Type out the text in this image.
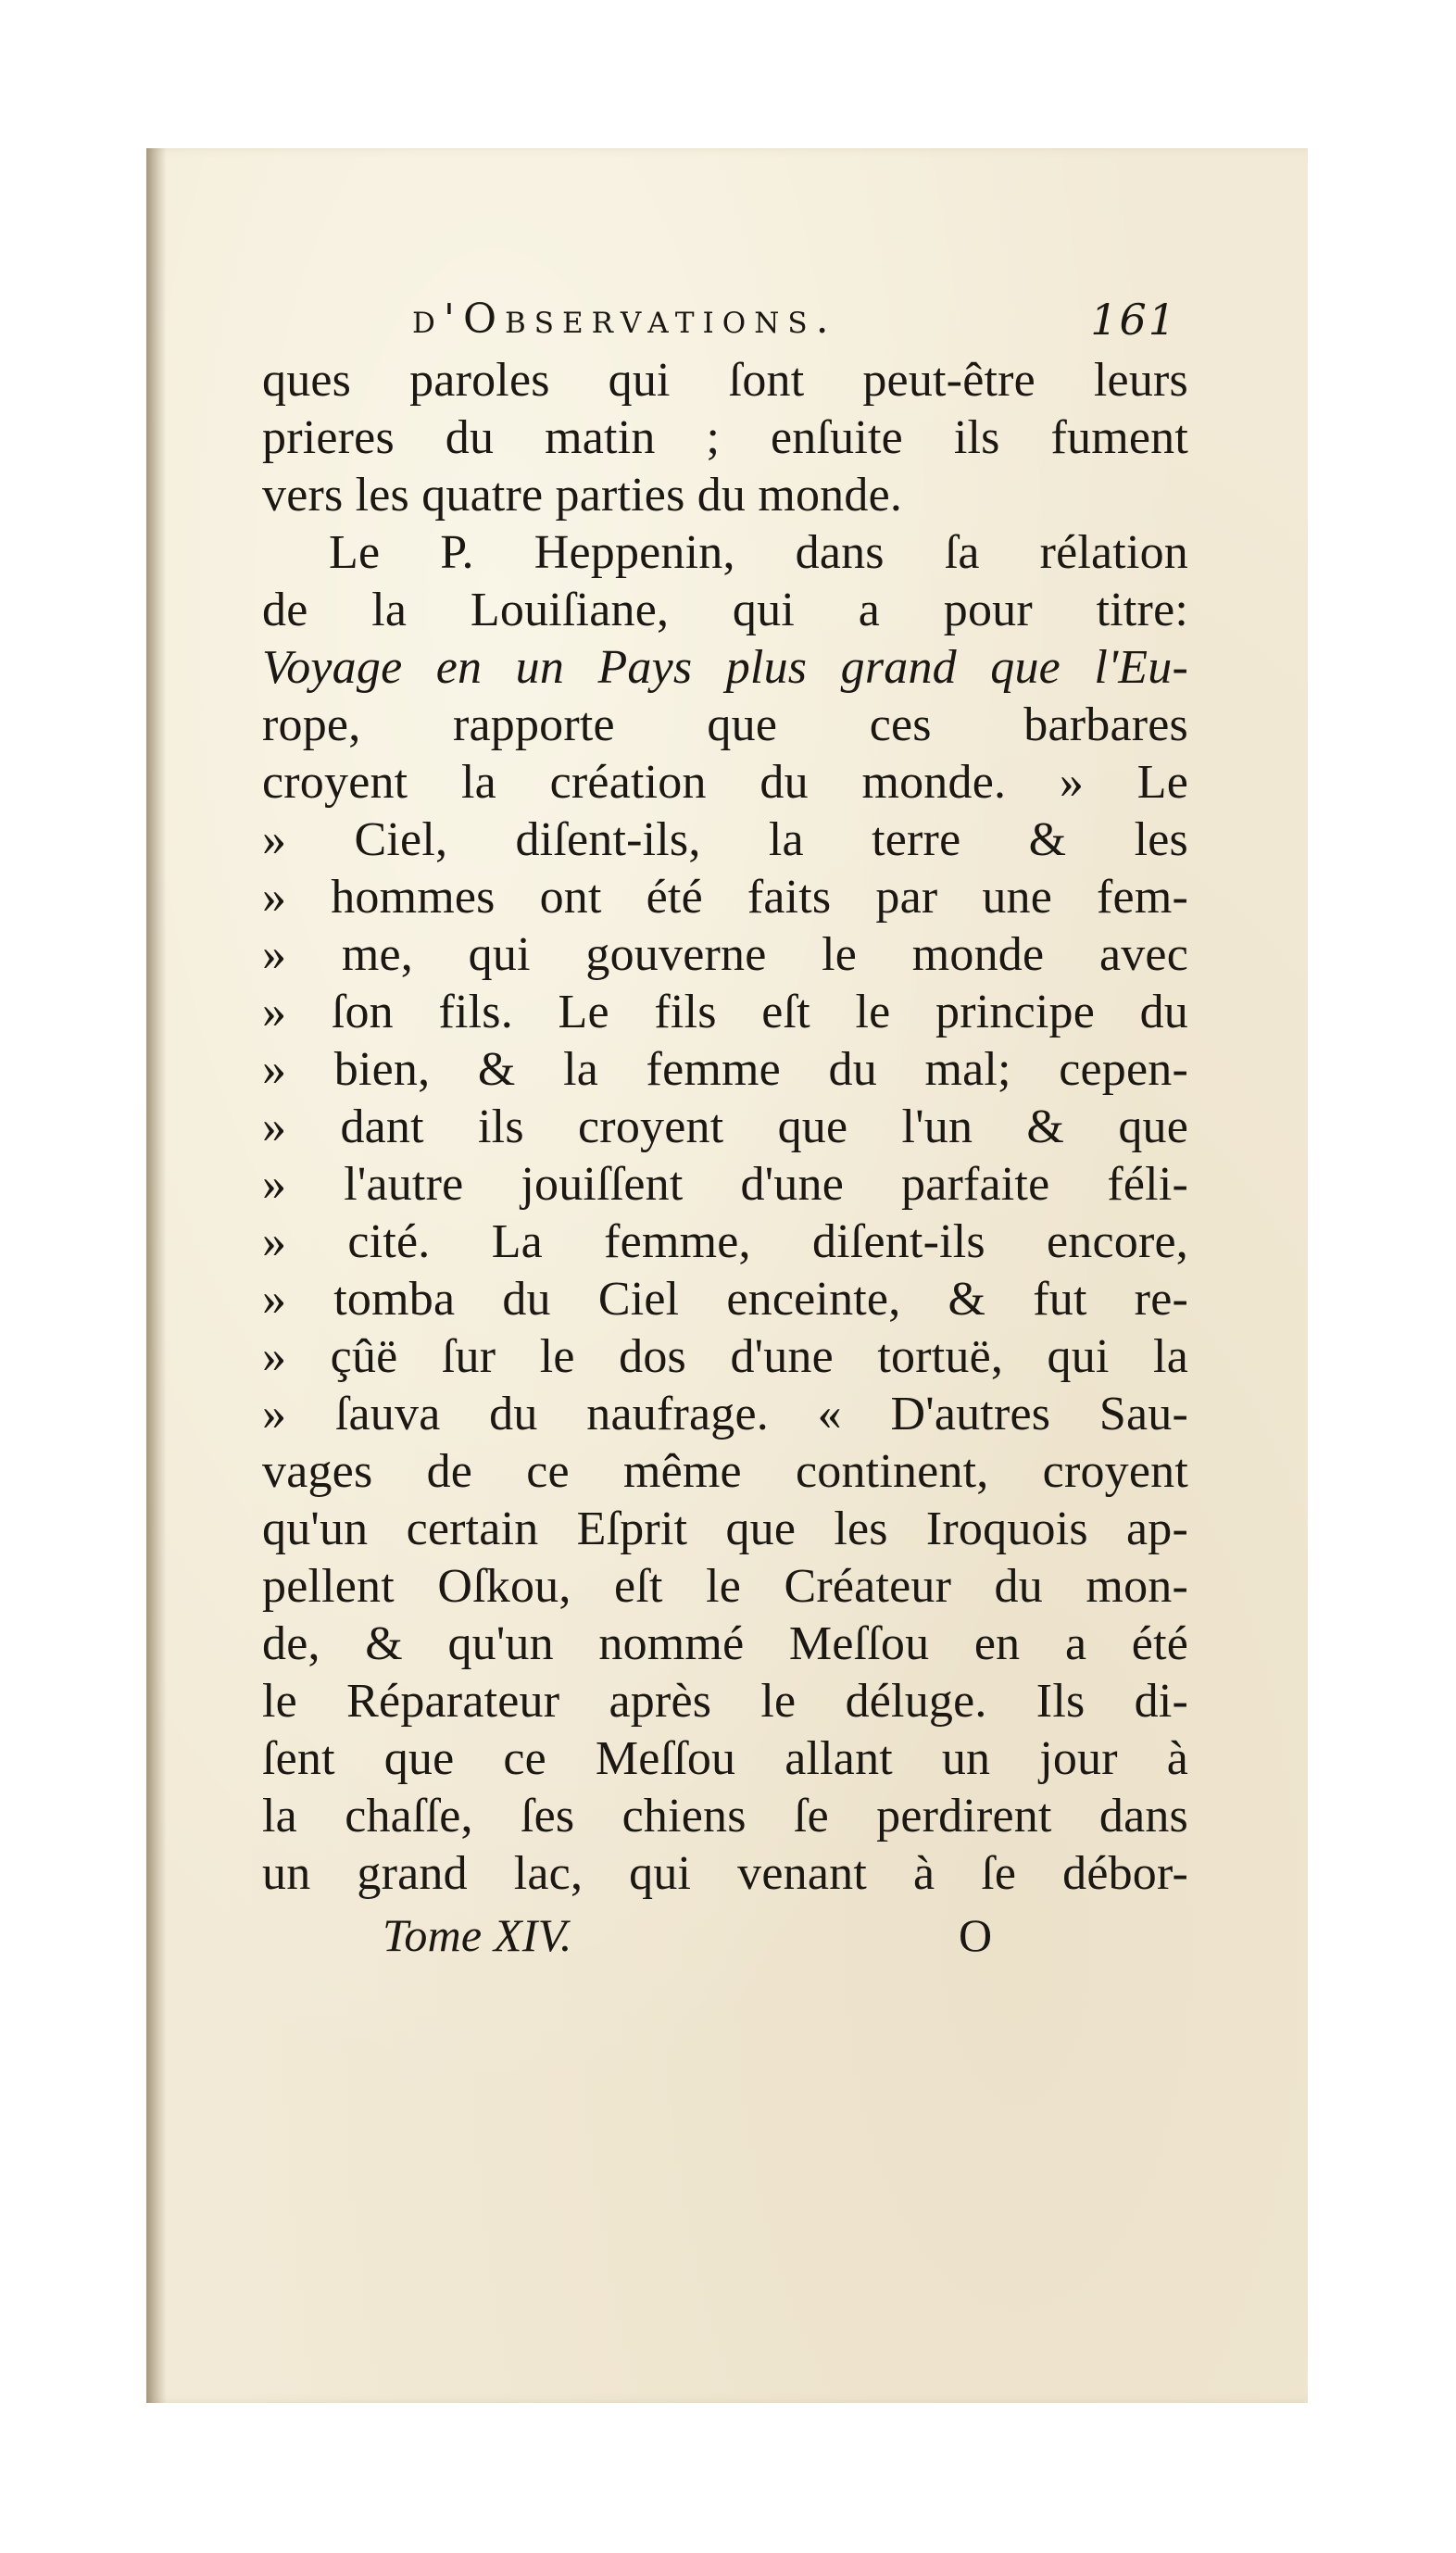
d'Observations.	161
ques paroles qui ſont peut-être leurs
prieres du matin ; enſuite ils fument
vers les quatre parties du monde.
Le P. Heppenin, dans ſa rélation
de la Louiſiane, qui a pour titre:
Voyage en un Pays plus grand que l'Eu-
rope, rapporte que ces barbares
croyent la création du monde. » Le
» Ciel, diſent-ils, la terre & les
» hommes ont été faits par une fem-
» me, qui gouverne le monde avec
» ſon fils. Le fils eſt le principe du
» bien, & la femme du mal; cepen-
» dant ils croyent que l'un & que
» l'autre jouiſſent d'une parfaite féli-
» cité. La femme, diſent-ils encore,
» tomba du Ciel enceinte, & fut re-
» çûë ſur le dos d'une tortuë, qui la
» ſauva du naufrage. « D'autres Sau-
vages de ce même continent, croyent
qu'un certain Eſprit que les Iroquois ap-
pellent Oſkou, eſt le Créateur du mon-
de, & qu'un nommé Meſſou en a été
le Réparateur après le déluge. Ils di-
ſent que ce Meſſou allant un jour à
la chaſſe, ſes chiens ſe perdirent dans
un grand lac, qui venant à ſe débor-
Tome XIV.	O
